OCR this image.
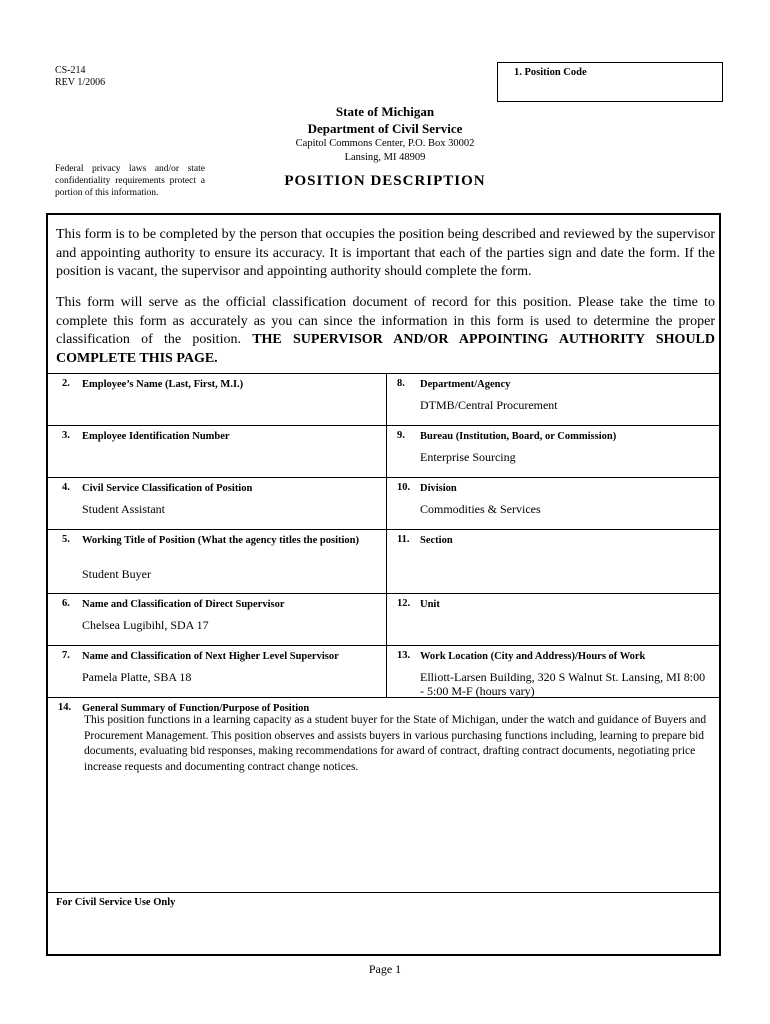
CS-214
REV 1/2006
1. Position Code
State of Michigan
Department of Civil Service
Capitol Commons Center, P.O. Box 30002
Lansing, MI 48909
POSITION DESCRIPTION
Federal privacy laws and/or state confidentiality requirements protect a portion of this information.
This form is to be completed by the person that occupies the position being described and reviewed by the supervisor and appointing authority to ensure its accuracy. It is important that each of the parties sign and date the form. If the position is vacant, the supervisor and appointing authority should complete the form.
This form will serve as the official classification document of record for this position. Please take the time to complete this form as accurately as you can since the information in this form is used to determine the proper classification of the position. THE SUPERVISOR AND/OR APPOINTING AUTHORITY SHOULD COMPLETE THIS PAGE.
2. Employee’s Name (Last, First, M.I.)	8. Department/Agency
DTMB/Central Procurement
3. Employee Identification Number	9. Bureau (Institution, Board, or Commission)
Enterprise Sourcing
4. Civil Service Classification of Position
Student Assistant
10. Division
Commodities & Services
5. Working Title of Position (What the agency titles the position)
Student Buyer
11. Section
6. Name and Classification of Direct Supervisor
Chelsea Lugibihl, SDA 17
12. Unit
7. Name and Classification of Next Higher Level Supervisor
Pamela Platte, SBA 18
13. Work Location (City and Address)/Hours of Work
Elliott-Larsen Building, 320 S Walnut St. Lansing, MI 8:00 - 5:00 M-F (hours vary)
14. General Summary of Function/Purpose of Position
This position functions in a learning capacity as a student buyer for the State of Michigan, under the watch and guidance of Buyers and Procurement Management. This position observes and assists buyers in various purchasing functions including, learning to prepare bid documents, evaluating bid responses, making recommendations for award of contract, drafting contract documents, negotiating price increase requests and documenting contract change notices.
For Civil Service Use Only
Page 1
